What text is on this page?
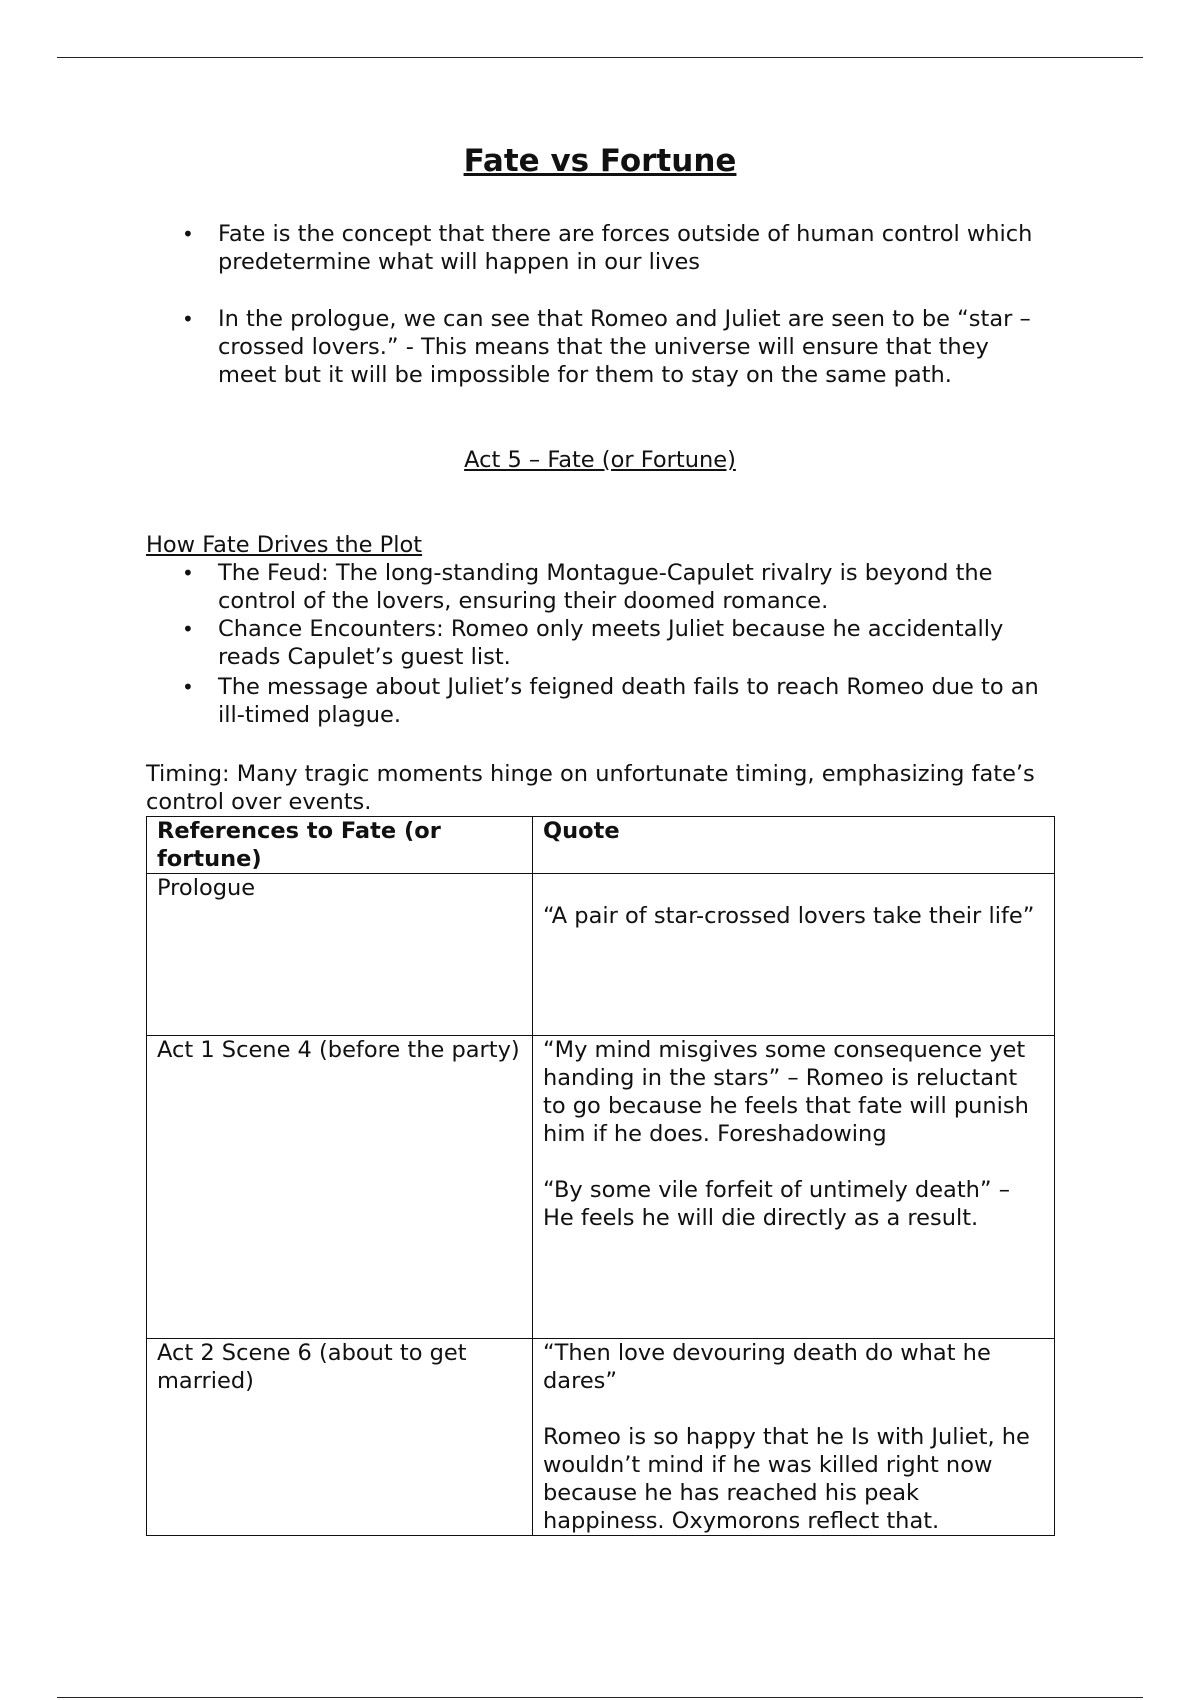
Fate vs Fortune
• Fate is the concept that there are forces outside of human control which predetermine what will happen in our lives
• In the prologue, we can see that Romeo and Juliet are seen to be “star – crossed lovers.” - This means that the universe will ensure that they meet but it will be impossible for them to stay on the same path.
Act 5 – Fate (or Fortune)
How Fate Drives the Plot
• The Feud: The long-standing Montague-Capulet rivalry is beyond the control of the lovers, ensuring their doomed romance.
• Chance Encounters: Romeo only meets Juliet because he accidentally reads Capulet’s guest list.
• The message about Juliet’s feigned death fails to reach Romeo due to an ill-timed plague.
Timing: Many tragic moments hinge on unfortunate timing, emphasizing fate’s control over events.
References to Fate (or fortune)	Quote
Prologue	“A pair of star-crossed lovers take their life”

Act 1 Scene 4 (before the party)	“My mind misgives some consequence yet handing in the stars” – Romeo is reluctant to go because he feels that fate will punish him if he does. Foreshadowing
“By some vile forfeit of untimely death” – He feels he will die directly as a result.

Act 2 Scene 6 (about to get married)	“Then love devouring death do what he dares”
Romeo is so happy that he Is with Juliet, he wouldn’t mind if he was killed right now because he has reached his peak happiness. Oxymorons reflect that.
